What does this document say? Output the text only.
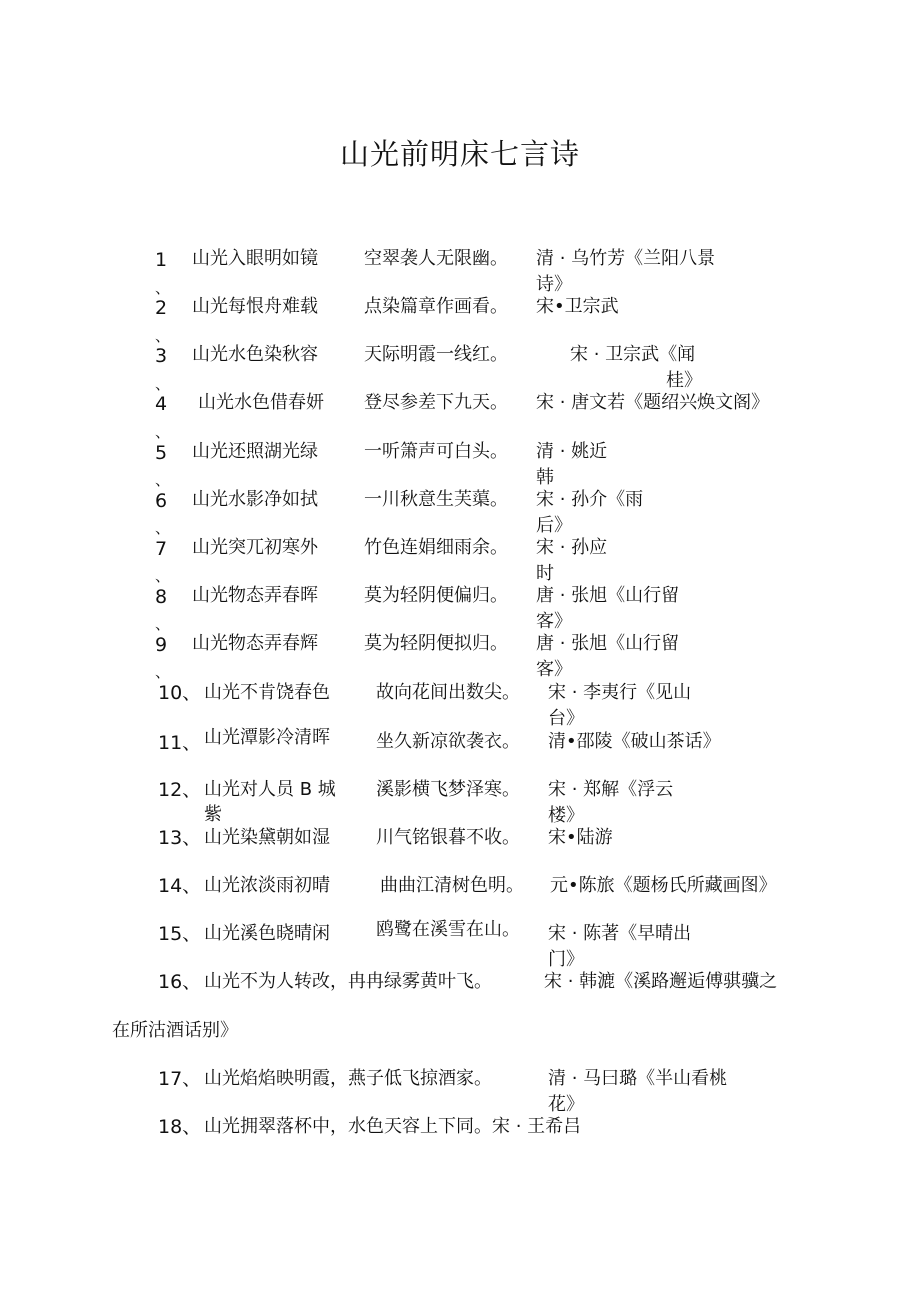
山光前明床七言诗
1
、
山光入眼明如镜	空翠袭人无限幽。 清 · 乌竹芳《兰阳八景
诗》
2
、
山光每恨舟难载	点染篇章作画看。 宋•卫宗武
3
、
山光水色染秋容	天际明霞一线红。	宋 · 卫宗武《闻
桂》
4
、
山光水色借春妍 登尽参差下九天。 宋 · 唐文若《题绍兴焕文阁》
5
、
山光还照湖光绿	一听箫声可白头。 清 · 姚近
韩
6
、
山光水影净如拭	一川秋意生芙蕖。 宋 · 孙介《雨
后》
7
、
山光突兀初寒外	竹色连娟细雨余。 宋 · 孙应
时
8
、
山光物态弄春晖	莫为轻阴便偏归。 唐 · 张旭《山行留
客》
9
、
山光物态弄春辉	莫为轻阴便拟归。 唐 · 张旭《山行留
客》
10、 山光不肯饶春色	故向花间出数尖。 宋 · 李夷行《见山
台》
11、 山光潭影冷清晖	坐久新凉欲袭衣。 清•邵陵《破山茶话》
12、 山光对人员 B 城
紫
溪影横飞梦泽寒。 宋 · 郑解《浮云
楼》
13、 山光染黛朝如湿	川气铭银暮不收。 宋•陆游
14、 山光浓淡雨初晴	曲曲江清树色明。 元•陈旅《题杨氏所藏画图》
15、 山光溪色晓晴闲	鸥鹭在溪雪在山。 宋 · 陈著《早晴出
门》
16、 山光不为人转改，冉冉绿雾黄叶飞。	宋 · 韩漉《溪路邂逅傅骐骥之
在所沽酒话别》
17、 山光焰焰映明霞，燕子低飞掠酒家。	清 · 马曰璐《半山看桃
花》
18、 山光拥翠落杯中，水色天容上下同。宋 · 王希吕
